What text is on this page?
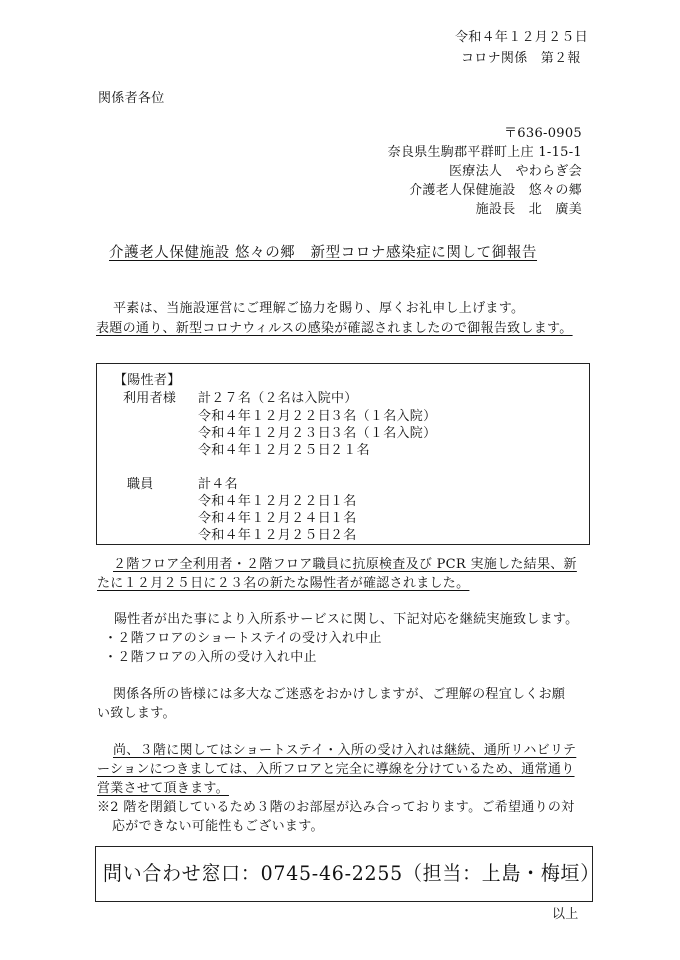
令和４年１２月２５日
コロナ関係　第２報
関係者各位
〒636-0905
奈良県生駒郡平群町上庄 1-15-1
医療法人　やわらぎ会
介護老人保健施設　悠々の郷
施設長　北　廣美
介護老人保健施設 悠々の郷　新型コロナ感染症に関して御報告
平素は、当施設運営にご理解ご協力を賜り、厚くお礼申し上げます。
表題の通り、新型コロナウィルスの感染が確認されましたので御報告致します。
【陽性者】
利用者様 計２７名（２名は入院中）
令和４年１２月２２日
３名（１名入院）
令和４年１２月２３日
３名（１名入院）
令和４年１２月２５日
２１名
職員	計４名
令和４年１２月２２日
１名
令和４年１２月２４日
１名
令和４年１２月２５日
２名
２階フロア全利用者・２階フロア職員に抗原検査及び PCR 実施した結果、新
たに１２月２５日に２３名の新たな陽性者が確認されました。
陽性者が出た事により入所系サービスに関し、下記対応を継続実施致します。
・２階フロアのショートステイの受け入れ中止
・２階フロアの入所の受け入れ中止
関係各所の皆様には多大なご迷惑をおかけしますが、ご理解の程宜しくお願
い致します。
尚、３階に関してはショートステイ・入所の受け入れは継続、通所リハビリテ
ーションにつきましては、入所フロアと完全に導線を分けているため、通常通り
営業させて頂きます。
※2 階を閉鎖しているため３階のお部屋が込み合っております。ご希望通りの対
応ができない可能性もございます。
問い合わせ窓口：0745-46-2255（担当：上島・梅垣）
以上
